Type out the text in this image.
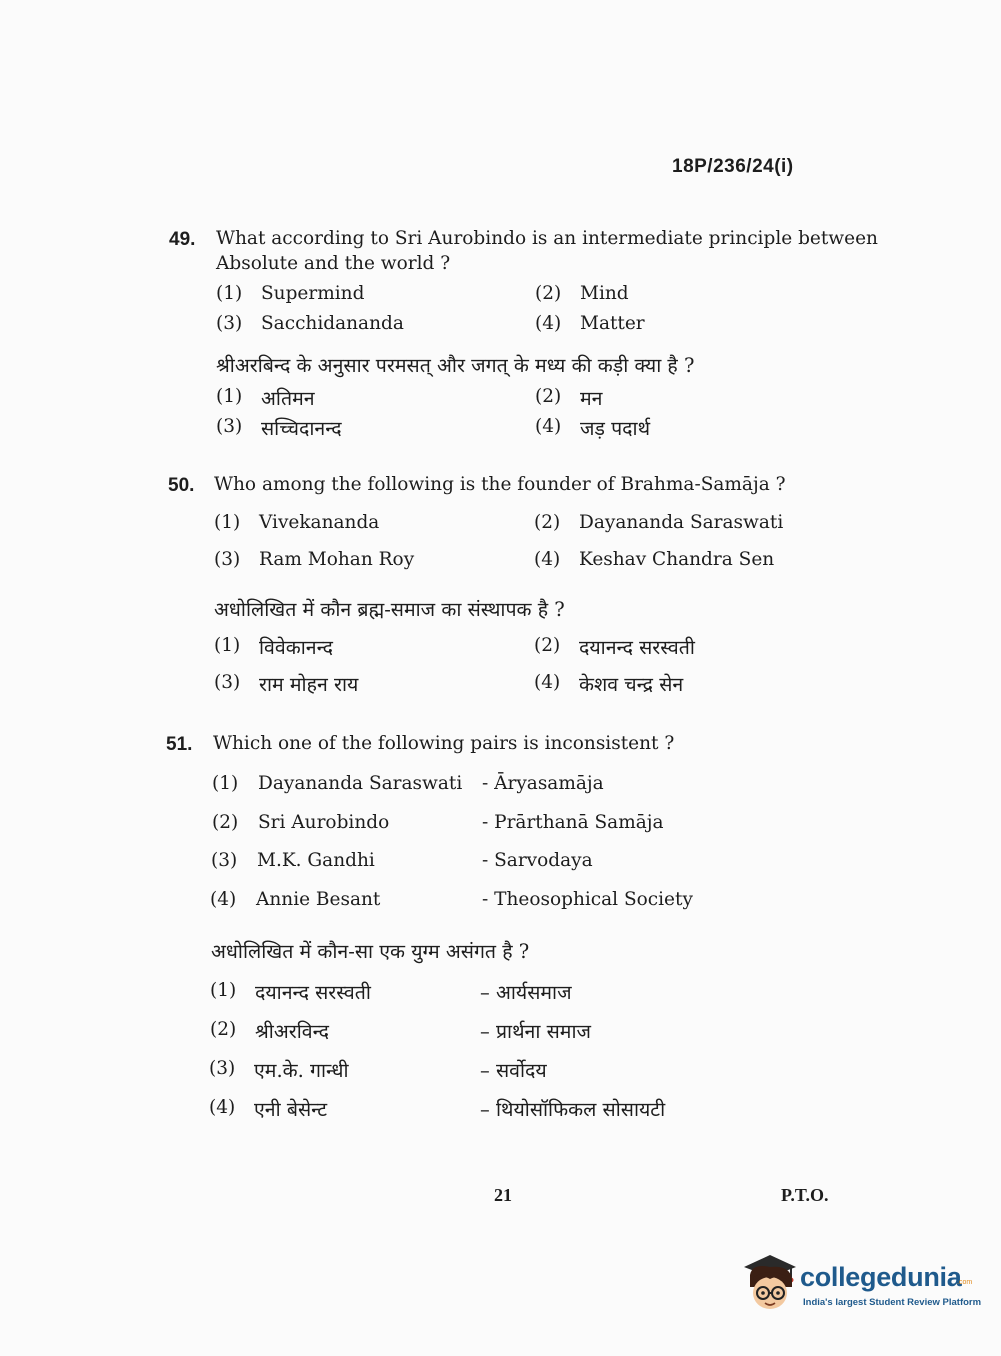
18P/236/24(i)
49. What according to Sri Aurobindo is an intermediate principle between
Absolute and the world ?
(1) Supermind	(2) Mind
(3) Sacchidananda	(4) Matter
श्रीअरबिन्द के अनुसार परमसत् और जगत् के मध्य की कड़ी क्या है ?
(1) अतिमन	(2) मन
(3) सच्चिदानन्द	(4) जड़ पदार्थ
50. Who among the following is the founder of Brahma-Samāja ?
(1) Vivekananda	(2) Dayananda Saraswati
(3) Ram Mohan Roy	(4) Keshav Chandra Sen
अधोलिखित में कौन ब्रह्म-समाज का संस्थापक है ?
(1) विवेकानन्द	(2) दयानन्द सरस्वती
(3) राम मोहन राय	(4) केशव चन्द्र सेन
51. Which one of the following pairs is inconsistent ?
(1) Dayananda Saraswati - Āryasamāja
(2) Sri Aurobindo	- Prārthanā Samāja
(3) M.K. Gandhi	- Sarvodaya
(4) Annie Besant	- Theosophical Society
अधोलिखित में कौन-सा एक युग्म असंगत है ?
(1) दयानन्द सरस्वती	– आर्यसमाज
(2) श्रीअरविन्द	– प्रार्थना समाज
(3) एम.के. गान्धी	– सर्वोदय
(4) एनी बेसेन्ट	– थियोसॉफिकल सोसायटी
21	P.T.O.
collegedunia
.com
India's largest Student Review Platform
